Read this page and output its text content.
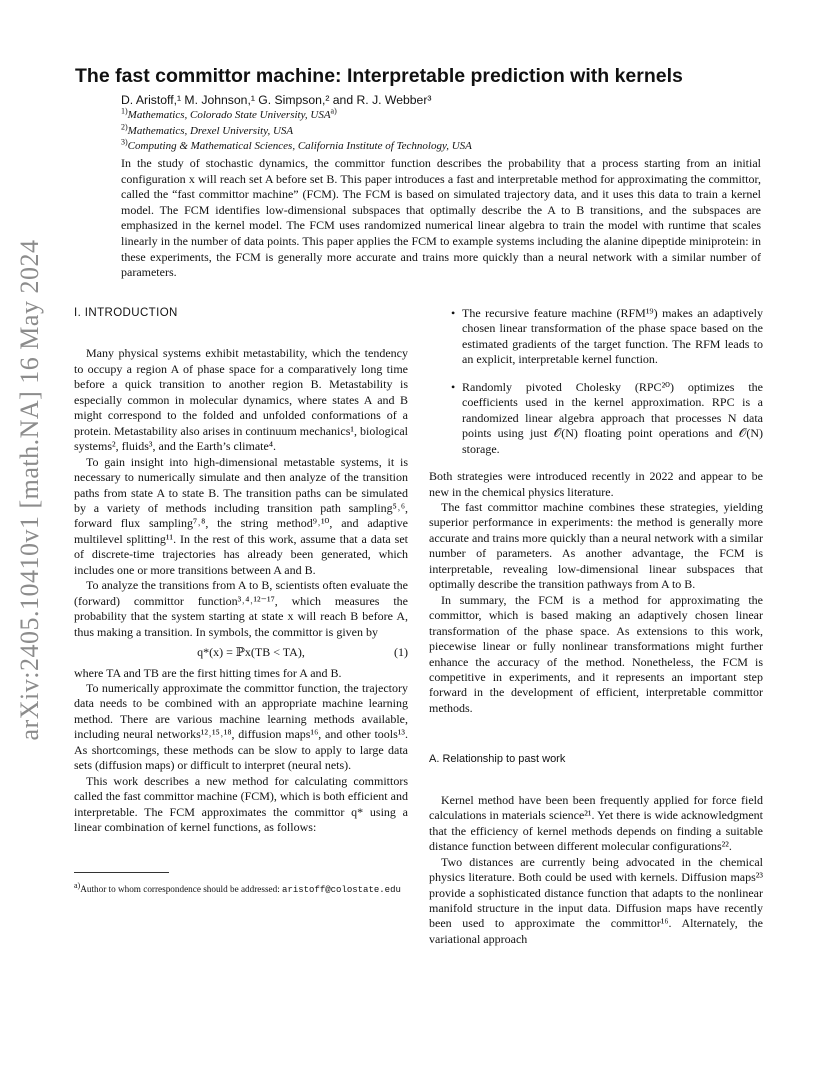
arXiv:2405.10410v1 [math.NA] 16 May 2024
The fast committor machine: Interpretable prediction with kernels
D. Aristoff,¹ M. Johnson,¹ G. Simpson,² and R. J. Webber³
$^{1)}$Mathematics, Colorado State University, USA$^{a)}$
$^{2)}$Mathematics, Drexel University, USA
$^{3)}$Computing & Mathematical Sciences, California Institute of Technology, USA

In the study of stochastic dynamics, the committor function describes the probability that a process starting from an initial configuration x will reach set A before set B. This paper introduces a fast and interpretable method for approximating the committor, called the “fast committor machine” (FCM). The FCM is based on simulated trajectory data, and it uses this data to train a kernel model. The FCM identifies low-dimensional subspaces that optimally describe the A to B transitions, and the subspaces are emphasized in the kernel model. The FCM uses randomized numerical linear algebra to train the model with runtime that scales linearly in the number of data points. This paper applies the FCM to example systems including the alanine dipeptide miniprotein: in these experiments, the FCM is generally more accurate and trains more quickly than a neural network with a similar number of parameters.

I. INTRODUCTION

Many physical systems exhibit metastability, which the tendency to occupy a region A of phase space for a comparatively long time before a quick transition to another region B. Metastability is especially common in molecular dynamics, where states A and B might correspond to the folded and unfolded conformations of a protein. Metastability also arises in continuum mechanics¹, biological systems², fluids³, and the Earth’s climate⁴.

To gain insight into high-dimensional metastable systems, it is necessary to numerically simulate and then analyze of the transition paths from state A to state B. The transition paths can be simulated by a variety of methods including transition path sampling⁵˒⁶, forward flux sampling⁷˒⁸, the string method⁹˒¹⁰, and adaptive multilevel splitting¹¹. In the rest of this work, assume that a data set of discrete-time trajectories has already been generated, which includes one or more transitions between A and B.

To analyze the transitions from A to B, scientists often evaluate the (forward) committor function³˒⁴˒¹²⁻¹⁷, which measures the probability that the system starting at state x will reach B before A, thus making a transition. In symbols, the committor is given by

q*(x) = ℙx(TB < TA),	(1)

where TA and TB are the first hitting times for A and B.

To numerically approximate the committor function, the trajectory data needs to be combined with an appropriate machine learning method. There are various machine learning methods available, including neural networks¹²˒¹⁵˒¹⁸, diffusion maps¹⁶, and other tools¹³. As shortcomings, these methods can be slow to apply to large data sets (diffusion maps) or difficult to interpret (neural nets).

This work describes a new method for calculating committors called the fast committor machine (FCM), which is both efficient and interpretable. The FCM approximates the committor q* using a linear combination of kernel functions, as follows:

$^{a)}$Author to whom correspondence should be addressed: aristoff@colostate.edu
• The recursive feature machine (RFM¹⁹) makes an adaptively chosen linear transformation of the phase space based on the estimated gradients of the target function. The RFM leads to an explicit, interpretable kernel function.
• Randomly pivoted Cholesky (RPC²⁰) optimizes the coefficients used in the kernel approximation. RPC is a randomized linear algebra approach that processes N data points using just 𝒪(N) floating point operations and 𝒪(N) storage.

Both strategies were introduced recently in 2022 and appear to be new in the chemical physics literature.

The fast committor machine combines these strategies, yielding superior performance in experiments: the method is generally more accurate and trains more quickly than a neural network with a similar number of parameters. As another advantage, the FCM is interpretable, revealing low-dimensional linear subspaces that optimally describe the transition pathways from A to B.

In summary, the FCM is a method for approximating the committor, which is based making an adaptively chosen linear transformation of the phase space. As extensions to this work, piecewise linear or fully nonlinear transformations might further enhance the accuracy of the method. Nonetheless, the FCM is competitive in experiments, and it represents an important step forward in the development of efficient, interpretable committor methods.

A. Relationship to past work

Kernel method have been been frequently applied for force field calculations in materials science²¹. Yet there is wide acknowledgment that the efficiency of kernel methods depends on finding a suitable distance function between different molecular configurations²².

Two distances are currently being advocated in the chemical physics literature. Both could be used with kernels. Diffusion maps²³ provide a sophisticated distance function that adapts to the nonlinear manifold structure in the input data. Diffusion maps have recently been used to approximate the committor¹⁶. Alternately, the variational approach
